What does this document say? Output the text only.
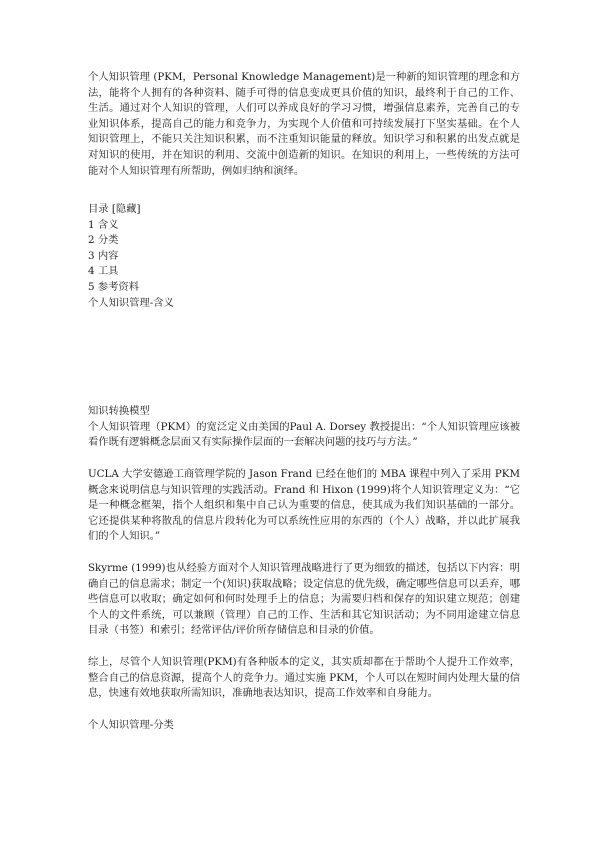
个人知识管理 (PKM，Personal Knowledge Management)是一种新的知识管理的理念和方法，能将个人拥有的各种资料、随手可得的信息变成更具价值的知识，最终利于自己的工作、生活。通过对个人知识的管理，人们可以养成良好的学习习惯，增强信息素养，完善自己的专业知识体系，提高自己的能力和竞争力，为实现个人价值和可持续发展打下坚实基础。在个人知识管理上，不能只关注知识积累，而不注重知识能量的释放。知识学习和积累的出发点就是对知识的使用，并在知识的利用、交流中创造新的知识。在知识的利用上，一些传统的方法可能对个人知识管理有所帮助，例如归纳和演绎。

目录 [隐藏]

1 含义

2 分类

3 内容

4 工具

5 参考资料

个人知识管理-含义

知识转换模型

个人知识管理（PKM）的宽泛定义由美国的Paul A. Dorsey 教授提出：“个人知识管理应该被看作既有逻辑概念层面又有实际操作层面的一套解决问题的技巧与方法。”

UCLA 大学安德逊工商管理学院的 Jason Frand 已经在他们的 MBA 课程中列入了采用 PKM 概念来说明信息与知识管理的实践活动。Frand 和 Hixon (1999)将个人知识管理定义为：“它是一种概念框架，指个人组织和集中自己认为重要的信息，使其成为我们知识基础的一部分。它还提供某种将散乱的信息片段转化为可以系统性应用的东西的（个人）战略，并以此扩展我们的个人知识。”

Skyrme (1999)也从经验方面对个人知识管理战略进行了更为细致的描述，包括以下内容：明确自己的信息需求；制定一个(知识)获取战略；设定信息的优先级，确定哪些信息可以丢弃，哪些信息可以收取；确定如何和何时处理手上的信息；为需要归档和保存的知识建立规范；创建个人的文件系统，可以兼顾（管理）自己的工作、生活和其它知识活动；为不同用途建立信息目录（书签）和索引；经常评估/评价所存储信息和目录的价值。

综上，尽管个人知识管理(PKM)有各种版本的定义，其实质却都在于帮助个人提升工作效率，整合自己的信息资源，提高个人的竞争力。通过实施 PKM，个人可以在短时间内处理大量的信息，快速有效地获取所需知识，准确地表达知识，提高工作效率和自身能力。

个人知识管理-分类
